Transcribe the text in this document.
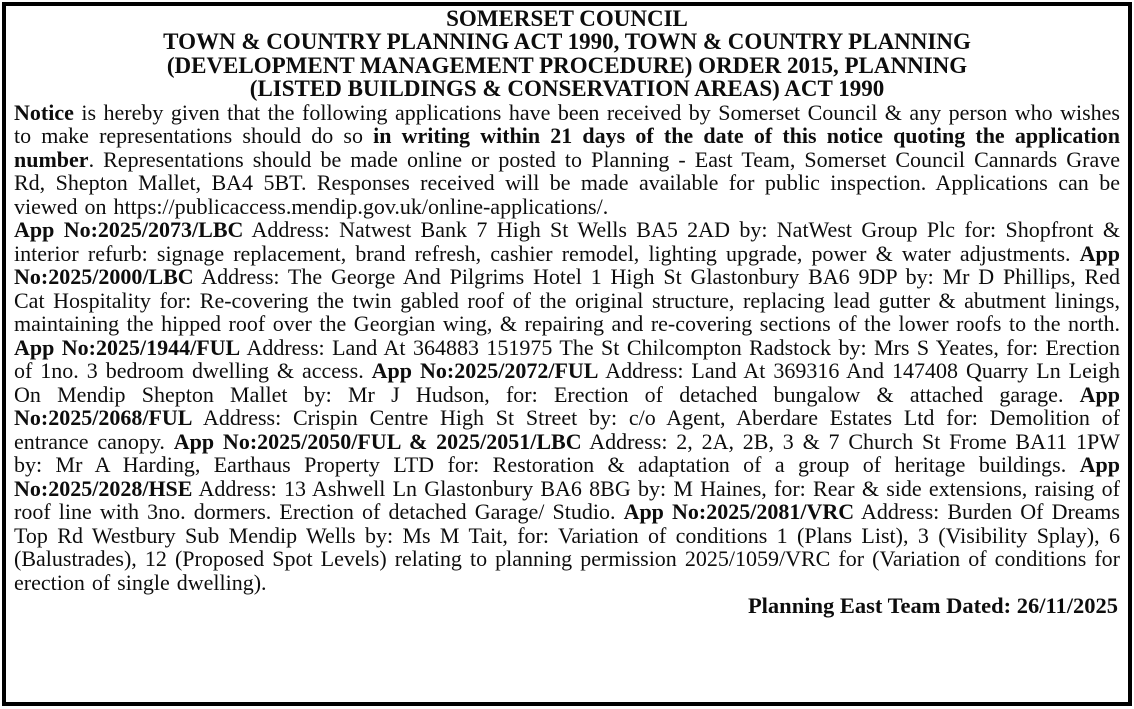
SOMERSET COUNCIL
TOWN & COUNTRY PLANNING ACT 1990, TOWN & COUNTRY PLANNING
(DEVELOPMENT MANAGEMENT PROCEDURE) ORDER 2015, PLANNING
(LISTED BUILDINGS & CONSERVATION AREAS) ACT 1990
Notice is hereby given that the following applications have been received by Somerset Council & any person who wishes to make representations should do so in writing within 21 days of the date of this notice quoting the application number. Representations should be made online or posted to Planning - East Team, Somerset Council Cannards Grave Rd, Shepton Mallet, BA4 5BT. Responses received will be made available for public inspection. Applications can be viewed on https://publicaccess.mendip.gov.uk/online-applications/.
App No:2025/2073/LBC Address: Natwest Bank 7 High St Wells BA5 2AD by: NatWest Group Plc for: Shopfront & interior refurb: signage replacement, brand refresh, cashier remodel, lighting upgrade, power & water adjustments. App No:2025/2000/LBC Address: The George And Pilgrims Hotel 1 High St Glastonbury BA6 9DP by: Mr D Phillips, Red Cat Hospitality for: Re-covering the twin gabled roof of the original structure, replacing lead gutter & abutment linings, maintaining the hipped roof over the Georgian wing, & repairing and re-covering sections of the lower roofs to the north. App No:2025/1944/FUL Address: Land At 364883 151975 The St Chilcompton Radstock by: Mrs S Yeates, for: Erection of 1no. 3 bedroom dwelling & access. App No:2025/2072/FUL Address: Land At 369316 And 147408 Quarry Ln Leigh On Mendip Shepton Mallet by: Mr J Hudson, for: Erection of detached bungalow & attached garage. App No:2025/2068/FUL Address: Crispin Centre High St Street by: c/o Agent, Aberdare Estates Ltd for: Demolition of entrance canopy. App No:2025/2050/FUL & 2025/2051/LBC Address: 2, 2A, 2B, 3 & 7 Church St Frome BA11 1PW by: Mr A Harding, Earthaus Property LTD for: Restoration & adaptation of a group of heritage buildings. App No:2025/2028/HSE Address: 13 Ashwell Ln Glastonbury BA6 8BG by: M Haines, for: Rear & side extensions, raising of roof line with 3no. dormers. Erection of detached Garage/ Studio. App No:2025/2081/VRC Address: Burden Of Dreams Top Rd Westbury Sub Mendip Wells by: Ms M Tait, for: Variation of conditions 1 (Plans List), 3 (Visibility Splay), 6 (Balustrades), 12 (Proposed Spot Levels) relating to planning permission 2025/1059/VRC for (Variation of conditions for erection of single dwelling).
Planning East Team Dated: 26/11/2025
